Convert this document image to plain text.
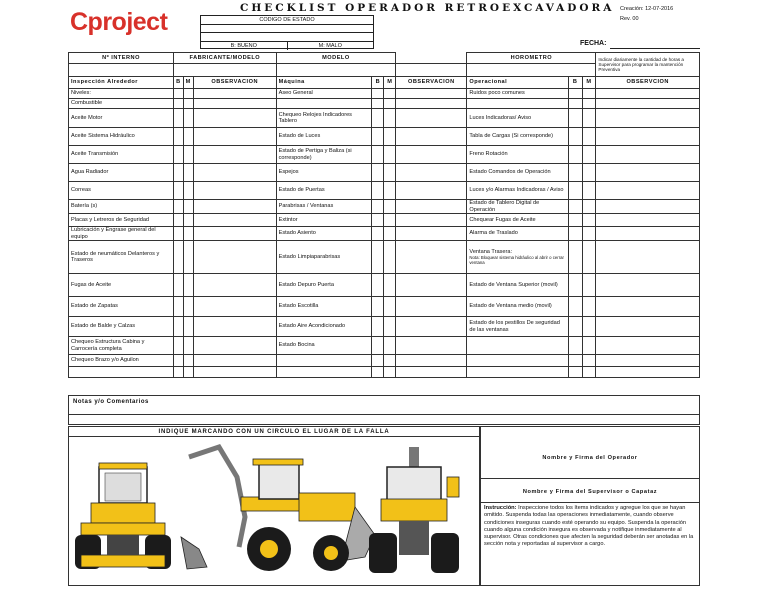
Cproject	CHECKLIST OPERADOR RETROEXCAVADORA Creación: 12-07-2016
Rev. 00
CODIGO DE ESTADO
B: BUENO	M: MALO	FECHA:
Nº INTERNO	FABRICANTE/MODELO			MODELO				HOROMETRO			Indicar diariamente la cantidad de horas a Supervisor para programar la mantención Preventiva

Inspección Alrededor	B	M	OBSERVACION	Máquina	B	M	OBSERVACION	Operacional	B	M	OBSERVCION
Niveles:				Aseo General				Ruidos poco comunes			
Combustible											
Aceite Motor				Chequeo Relojes Indicadores Tablero				Luces Indicadoras/ Aviso			
Aceite Sistema Hidráulico				Estado de Luces				Tabla de Cargas (Si corresponde)			
Aceite Transmisión				Estado de Pertiga y Baliza (si corresponde)				Freno Rotación			
Agua Radiador				Espejos				Estado Comandos de Operación			
Correas				Estado de Puertas				Luces y/o Alarmas Indicadoras / Aviso			
Batería (s)				Parabrisas / Ventanas				Estado de Tablero Digital de Operación			
Placas y Letreros de Seguridad				Extintor				Chequear Fugas de Aceite			
Lubricación y Engrase general del equipo				Estado Asiento				Alarma de Traslado			
Estado de neumáticos Delanteros y Traseros				Estado Limpiaparabrisas				Ventana Trasera:
Nota: Bloquear sistema hidráulico al abrir o cerrar ventana			

Fugas de Aceite				Estado Depuro Puerta				Estado de Ventana Superior (movil)			
Estado de Zapatas				Estado Escotilla				Estado de Ventana medio (movil)			
Estado de Balde y Calzas				Estado Aire Acondicionado				Estado de los pestillos De seguridad de las ventanas			
Chequeo Estructura Cabina y Carrocería completa				Estado Bocina							
Chequeo Brazo y/o Aguilon											

Notas y/o Comentarios
INDIQUE MARCANDO CON UN CIRCULO EL LUGAR DE LA FALLA
Nombre y Firma del Operador
Nombre y Firma del Supervisor o Capataz
Instrucción: Inspeccione todos los ítems indicados y agregue los que se hayan omitido. Suspenda todas las operaciones inmediatamente, cuando observe condiciones inseguras cuando esté operando su equipo. Suspenda la operación cuando alguna condición insegura es observada y notifique inmediatamente al supervisor. Otras condiciones que afecten la seguridad deberán ser anotadas en la sección nota y reportadas al supervisor a cargo.
